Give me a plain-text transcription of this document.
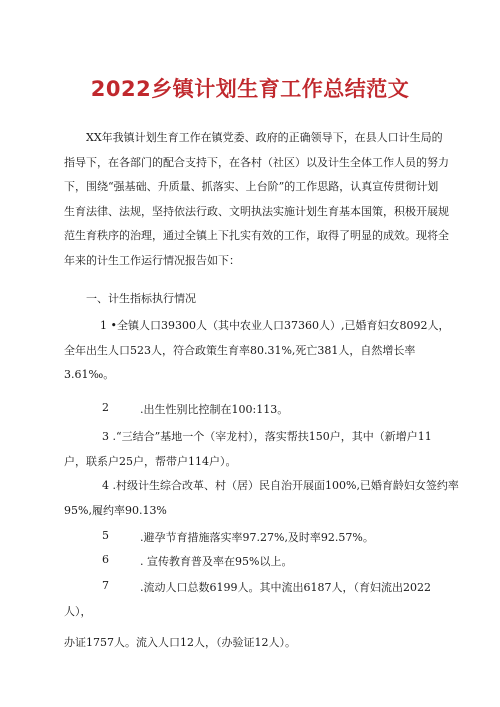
2022乡镇计划生育工作总结范文
XX年我镇计划生育工作在镇党委、政府的正确领导下，在县人口计生局的
指导下，在各部门的配合支持下，在各村（社区）以及计生全体工作人员的努力
下，围绕“强基础、升质量、抓落实、上台阶”的工作思路，认真宣传贯彻计划
生育法律、法规，坚持依法行政、文明执法实施计划生育基本国策，积极开展规
范生育秩序的治理，通过全镇上下扎实有效的工作，取得了明显的成效。现将全
年来的计生工作运行情况报告如下：
一、计生指标执行情况
1 •全镇人口39300人（其中农业人口37360人）,已婚育妇女8092人，
全年出生人口523人，符合政策生育率80.31%,死亡381人，自然增长率
3.61‰。
2	.出生性别比控制在100:113。
3 .“三结合”基地一个（宰龙村），落实帮扶150户，其中（新增户11
户，联系户25户，帮带户114户）。
4 .村级计生综合改革、村（居）民自治开展面100%,已婚育龄妇女签约率
95%,履约率90.13%
5	.避孕节育措施落实率97.27%,及时率92.57%。
6	. 宣传教育普及率在95%以上。
7	.流动人口总数6199人。其中流出6187人，（育妇流出2022
人），
办证1757人。流入人口12人，（办验证12人）。
